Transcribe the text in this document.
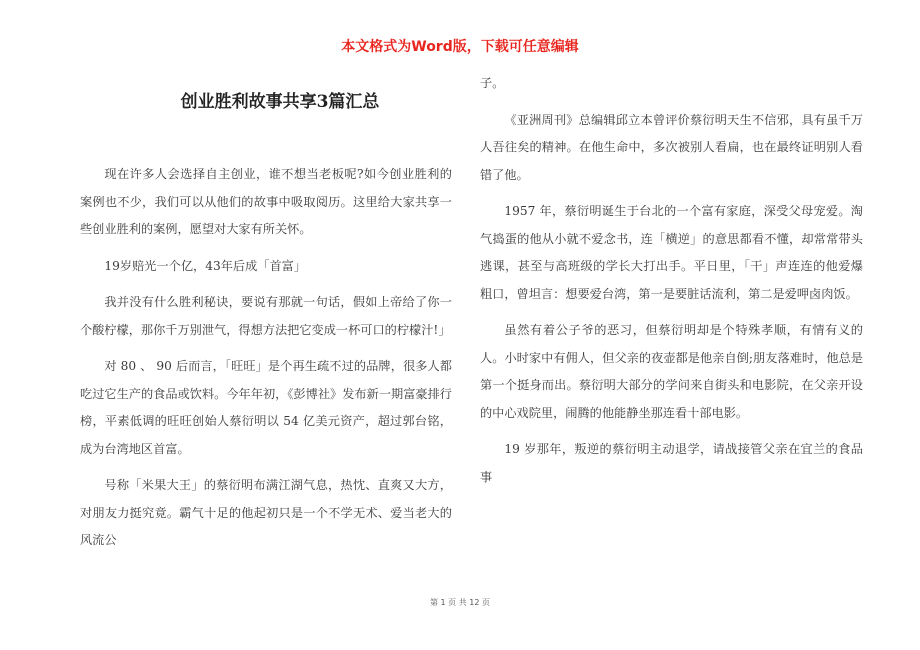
本文格式为Word版，下载可任意编辑
创业胜利故事共享3篇汇总

现在许多人会选择自主创业，谁不想当老板呢?如今创业胜利的案例也不少，我们可以从他们的故事中吸取阅历。这里给大家共享一些创业胜利的案例，愿望对大家有所关怀。

19岁赔光一个亿，43年后成「首富」

我并没有什么胜利秘诀，要说有那就一句话，假如上帝给了你一个酸柠檬，那你千万别泄气，得想方法把它变成一杯可口的柠檬汁!」

对 80 、 90 后而言，「旺旺」是个再生疏不过的品牌，很多人都吃过它生产的食品或饮料。今年年初，《彭博社》发布新一期富豪排行榜，平素低调的旺旺创始人蔡衍明以 54 亿美元资产，超过郭台铭，成为台湾地区首富。

号称「米果大王」的蔡衍明布满江湖气息，热忱、直爽又大方，对朋友力挺究竟。霸气十足的他起初只是一个不学无术、爱当老大的风流公

子。

《亚洲周刊》总编辑邱立本曾评价蔡衍明天生不信邪，具有虽千万人吾往矣的精神。在他生命中，多次被别人看扁，也在最终证明别人看错了他。

1957 年，蔡衍明诞生于台北的一个富有家庭，深受父母宠爱。淘气捣蛋的他从小就不爱念书，连「横逆」的意思都看不懂，却常常带头逃课，甚至与高班级的学长大打出手。平日里，「干」声连连的他爱爆粗口，曾坦言：想要爱台湾，第一是要脏话流利，第二是爱呷卤肉饭。

虽然有着公子爷的恶习，但蔡衍明却是个特殊孝顺，有情有义的人。小时家中有佣人，但父亲的夜壶都是他亲自倒;朋友落难时，他总是第一个挺身而出。蔡衍明大部分的学问来自街头和电影院，在父亲开设的中心戏院里，闹腾的他能静坐那连看十部电影。

19 岁那年，叛逆的蔡衍明主动退学，请战接管父亲在宜兰的食品事

第 1 页 共 12 页
